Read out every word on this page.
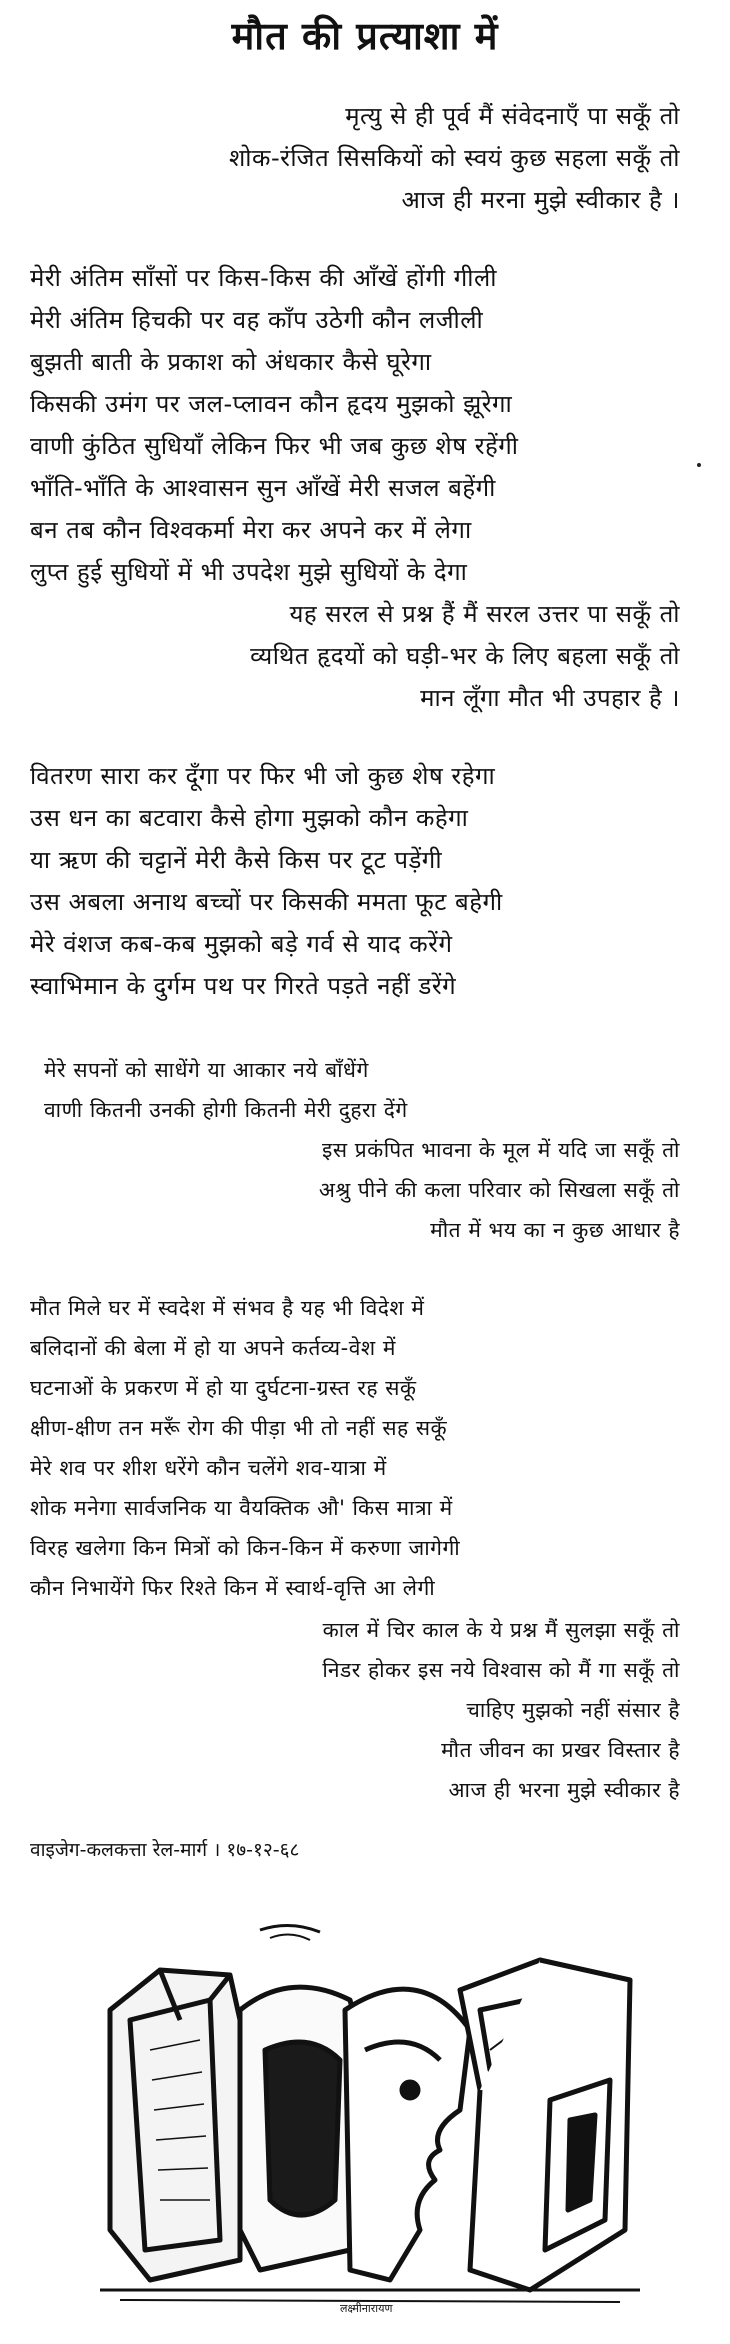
मौत की प्रत्याशा में
मृत्यु से ही पूर्व मैं संवेदनाएँ पा सकूँ तो
शोक-रंजित सिसकियों को स्वयं कुछ सहला सकूँ तो
आज ही मरना मुझे स्वीकार है ।
मेरी अंतिम साँसों पर किस-किस की आँखें होंगी गीली
मेरी अंतिम हिचकी पर वह काँप उठेगी कौन लजीली
बुझती बाती के प्रकाश को अंधकार कैसे घूरेगा
किसकी उमंग पर जल-प्लावन कौन हृदय मुझको झूरेगा
वाणी कुंठित सुधियाँ लेकिन फिर भी जब कुछ शेष रहेंगी
भाँति-भाँति के आश्वासन सुन आँखें मेरी सजल बहेंगी
बन तब कौन विश्वकर्मा मेरा कर अपने कर में लेगा
लुप्त हुई सुधियों में भी उपदेश मुझे सुधियों के देगा
यह सरल से प्रश्न हैं मैं सरल उत्तर पा सकूँ तो
व्यथित हृदयों को घड़ी-भर के लिए बहला सकूँ तो
मान लूँगा मौत भी उपहार है ।
वितरण सारा कर दूँगा पर फिर भी जो कुछ शेष रहेगा
उस धन का बटवारा कैसे होगा मुझको कौन कहेगा
या ऋण की चट्टानें मेरी कैसे किस पर टूट पड़ेंगी
उस अबला अनाथ बच्चों पर किसकी ममता फूट बहेगी
मेरे वंशज कब-कब मुझको बड़े गर्व से याद करेंगे
स्वाभिमान के दुर्गम पथ पर गिरते पड़ते नहीं डरेंगे
मेरे सपनों को साधेंगे या आकार नये बाँधेंगे
वाणी कितनी उनकी होगी कितनी मेरी दुहरा देंगे
इस प्रकंपित भावना के मूल में यदि जा सकूँ तो
अश्रु पीने की कला परिवार को सिखला सकूँ तो
मौत में भय का न कुछ आधार है
मौत मिले घर में स्वदेश में संभव है यह भी विदेश में
बलिदानों की बेला में हो या अपने कर्तव्य-वेश में
घटनाओं के प्रकरण में हो या दुर्घटना-ग्रस्त रह सकूँ
क्षीण-क्षीण तन मरूँ रोग की पीड़ा भी तो नहीं सह सकूँ
मेरे शव पर शीश धरेंगे कौन चलेंगे शव-यात्रा में
शोक मनेगा सार्वजनिक या वैयक्तिक औ' किस मात्रा में
विरह खलेगा किन मित्रों को किन-किन में करुणा जागेगी
कौन निभायेंगे फिर रिश्ते किन में स्वार्थ-वृत्ति आ लेगी
काल में चिर काल के ये प्रश्न मैं सुलझा सकूँ तो
निडर होकर इस नये विश्वास को मैं गा सकूँ तो
चाहिए मुझको नहीं संसार है
मौत जीवन का प्रखर विस्तार है
आज ही भरना मुझे स्वीकार है
वाइजेग-कलकत्ता रेल-मार्ग । १७-१२-६८
लक्ष्मीनारायण
